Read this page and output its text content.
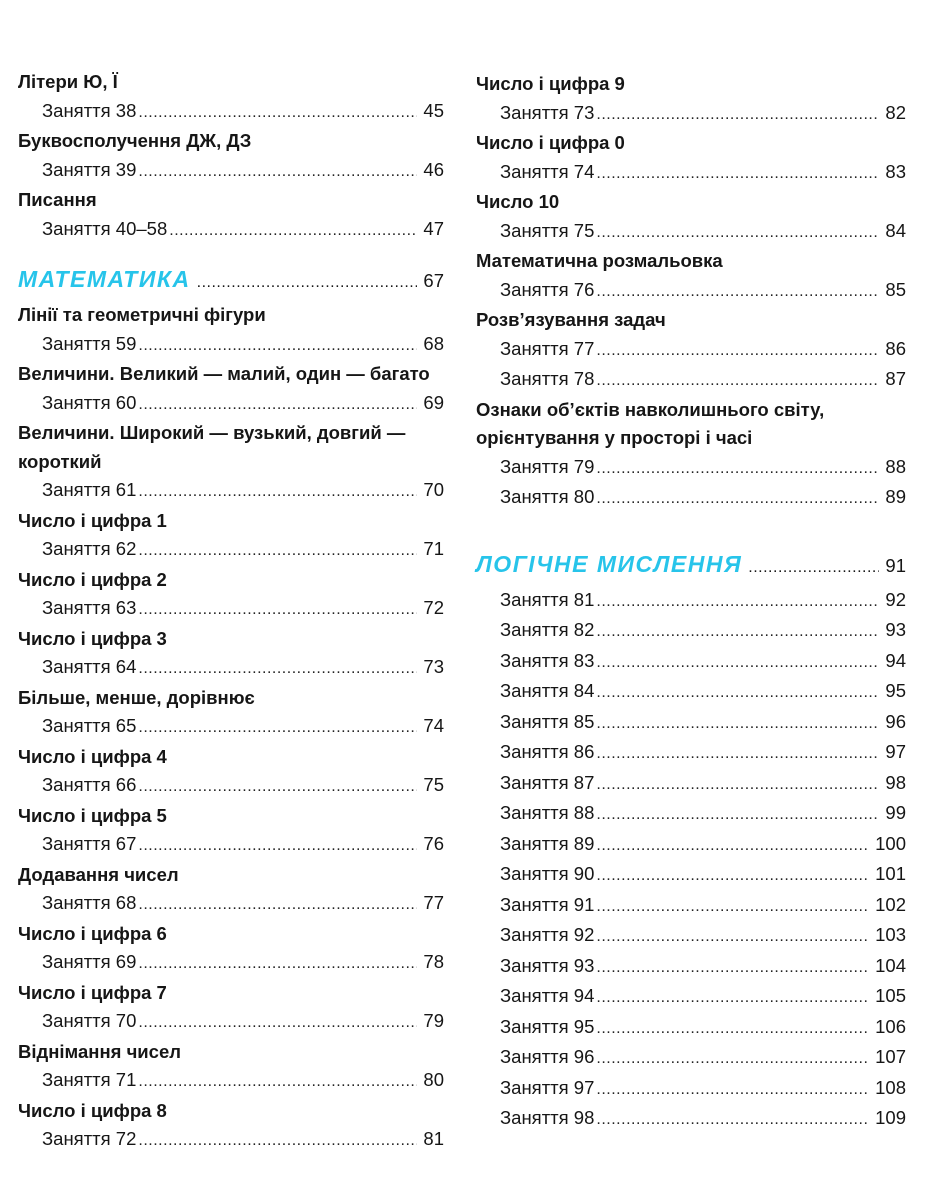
Літери Ю, Ї
Заняття 38 .....	45
Буквосполучення ДЖ, ДЗ
Заняття 39 .....	46
Писання
Заняття 40–58 .....	47
МАТЕМАТИКА .....	67
Лінії та геометричні фігури
Заняття 59 .....	68
Величини. Великий — малий, один — багато
Заняття 60 .....	69
Величини. Широкий — вузький, довгий — короткий
Заняття 61 .....	70
Число і цифра 1
Заняття 62 .....	71
Число і цифра 2
Заняття 63 .....	72
Число і цифра 3
Заняття 64 .....	73
Більше, менше, дорівнює
Заняття 65 .....	74
Число і цифра 4
Заняття 66 .....	75
Число і цифра 5
Заняття 67 .....	76
Додавання чисел
Заняття 68 .....	77
Число і цифра 6
Заняття 69 .....	78
Число і цифра 7
Заняття 70 .....	79
Віднімання чисел
Заняття 71 .....	80
Число і цифра 8
Заняття 72 .....	81
Число і цифра 9
Заняття 73 .....	82
Число і цифра 0
Заняття 74 .....	83
Число 10
Заняття 75 .....	84
Математична розмальовка
Заняття 76 .....	85
Розв’язування задач
Заняття 77 .....	86
Заняття 78 .....	87
Ознаки об’єктів навколишнього світу, орієнтування у просторі і часі
Заняття 79 .....	88
Заняття 80 .....	89
ЛОГІЧНЕ МИСЛЕННЯ .....	91
Заняття 81 .....	92
Заняття 82 .....	93
Заняття 83 .....	94
Заняття 84 .....	95
Заняття 85 .....	96
Заняття 86 .....	97
Заняття 87 .....	98
Заняття 88 .....	99
Заняття 89 .....	100
Заняття 90 .....	101
Заняття 91 .....	102
Заняття 92 .....	103
Заняття 93 .....	104
Заняття 94 .....	105
Заняття 95 .....	106
Заняття 96 .....	107
Заняття 97 .....	108
Заняття 98 .....	109
